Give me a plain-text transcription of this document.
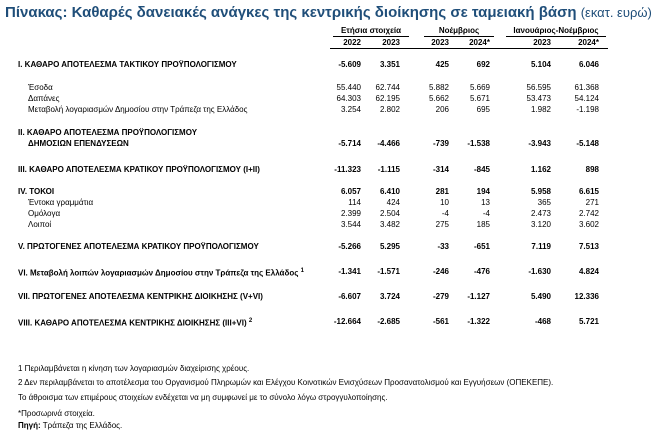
Πίνακας: Καθαρές δανειακές ανάγκες της κεντρικής διοίκησης σε ταμειακή βάση (εκατ. ευρώ)
Ετήσια στοιχεία	Νοέμβριος	Ιανουάριος-Νοέμβριος
2022	2023	2023	2024*	2023	2024*
I. ΚΑΘΑΡΟ ΑΠΟΤΕΛΕΣΜΑ ΤΑΚΤΙΚΟΥ ΠΡΟΫΠΟΛΟΓΙΣΜΟΥ	-5.609	3.351	425	692	5.104	6.046
Έσοδα	55.440	62.744	5.882	5.669	56.595	61.368
Δαπάνες	64.303	62.195	5.662	5.671	53.473	54.124
Μεταβολή λογαριασμών Δημοσίου στην Τράπεζα της Ελλάδος	3.254	2.802	206	695	1.982	-1.198
II. ΚΑΘΑΡΟ ΑΠΟΤΕΛΕΣΜΑ ΠΡΟΫΠΟΛΟΓΙΣΜΟΥ
ΔΗΜΟΣΙΩΝ ΕΠΕΝΔΥΣΕΩΝ	-5.714	-4.466	-739	-1.538	-3.943	-5.148
III. ΚΑΘΑΡΟ ΑΠΟΤΕΛΕΣΜΑ ΚΡΑΤΙΚΟΥ ΠΡΟΫΠΟΛΟΓΙΣΜΟΥ (I+II)	-11.323	-1.115	-314	-845	1.162	898
IV. ΤΟΚΟΙ	6.057	6.410	281	194	5.958	6.615
Έντοκα γραμμάτια	114	424	10	13	365	271
Ομόλογα	2.399	2.504	-4	-4	2.473	2.742
Λοιποί	3.544	3.482	275	185	3.120	3.602
V. ΠΡΩΤΟΓΕΝΕΣ ΑΠΟΤΕΛΕΣΜΑ ΚΡΑΤΙΚΟΥ ΠΡΟΫΠΟΛΟΓΙΣΜΟΥ	-5.266	5.295	-33	-651	7.119	7.513
VI. Μεταβολή λοιπών λογαριασμών Δημοσίου στην Τράπεζα της Ελλάδος $^1$	-1.341	-1.571	-246	-476	-1.630	4.824
VII. ΠΡΩΤΟΓΕΝΕΣ ΑΠΟΤΕΛΕΣΜΑ ΚΕΝΤΡΙΚΗΣ ΔΙΟΙΚΗΣΗΣ (V+VI)	-6.607	3.724	-279	-1.127	5.490	12.336
VIII. ΚΑΘΑΡΟ ΑΠΟΤΕΛΕΣΜΑ ΚΕΝΤΡΙΚΗΣ ΔΙΟΙΚΗΣΗΣ (III+VI) $^2$	-12.664	-2.685	-561	-1.322	-468	5.721
1 Περιλαμβάνεται η κίνηση των λογαριασμών διαχείρισης χρέους.
2 Δεν περιλαμβάνεται το αποτέλεσμα του Οργανισμού Πληρωμών και Ελέγχου Κοινοτικών Ενισχύσεων Προσανατολισμού και Εγγυήσεων (ΟΠΕΚΕΠΕ).
Το άθροισμα των επιμέρους στοιχείων ενδέχεται να μη συμφωνεί με το σύνολο λόγω στρογγυλοποίησης.
*Προσωρινά στοιχεία.
Πηγή: Τράπεζα της Ελλάδος.
